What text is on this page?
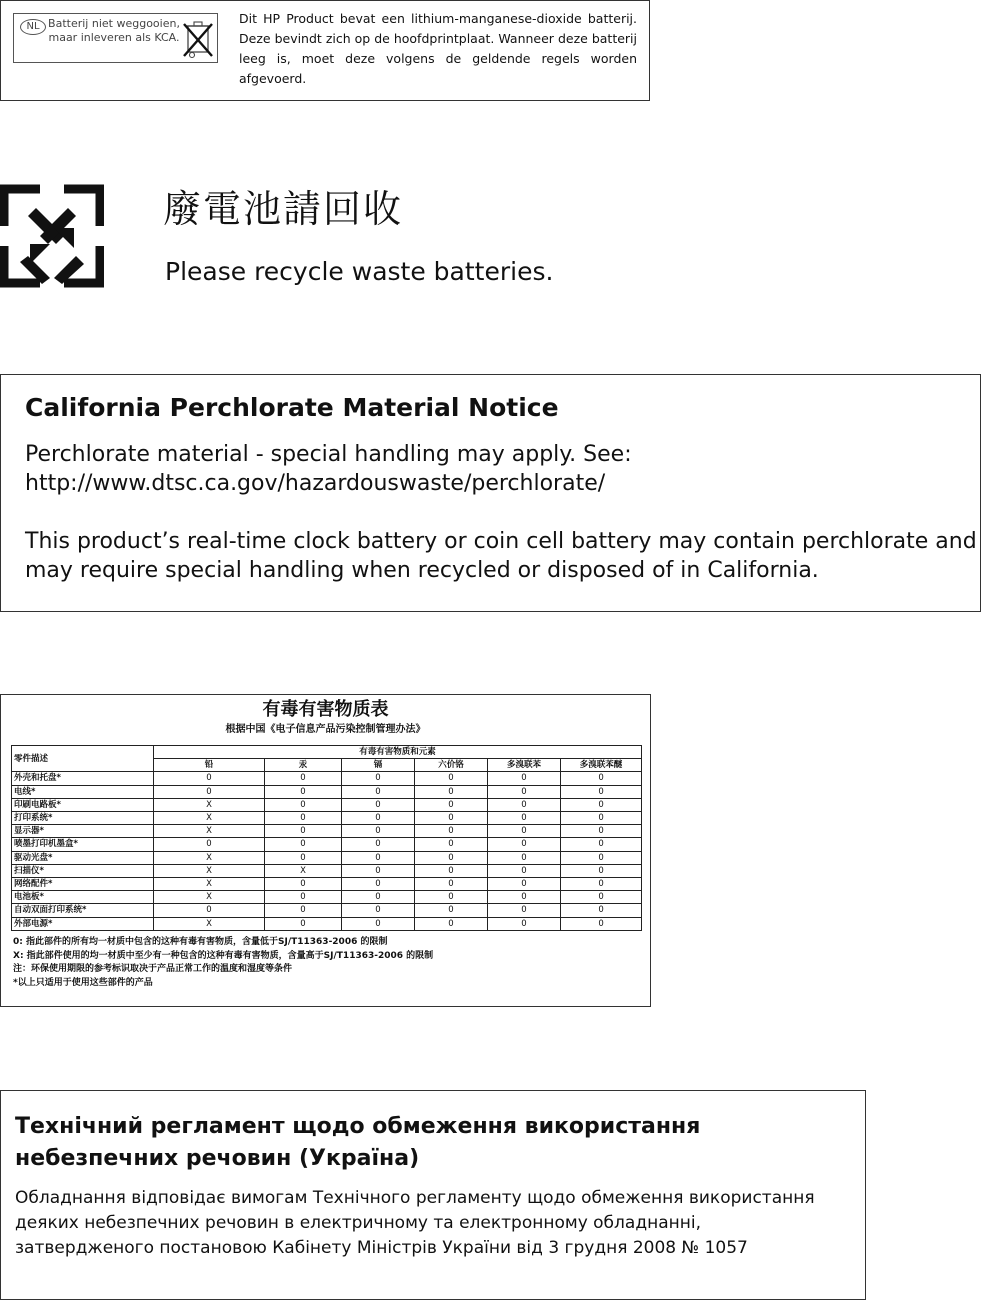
NL Batterij niet weggooien, maar inleveren als KCA.
Dit HP Product bevat een lithium-manganese-dioxide batterij. Deze bevindt zich op de hoofdprintplaat. Wanneer deze batterij leeg is, moet deze volgens de geldende regels worden afgevoerd.
廢電池請回收
Please recycle waste batteries.
California Perchlorate Material Notice
Perchlorate material - special handling may apply. See:
http://www.dtsc.ca.gov/hazardouswaste/perchlorate/
This product’s real-time clock battery or coin cell battery may contain perchlorate and
may require special handling when recycled or disposed of in California.
有毒有害物质表
根据中国《电子信息产品污染控制管理办法》
零件描述	有毒有害物质和元素					
	铅	汞	镉	六价铬	多溴联苯	多溴联苯醚
外壳和托盘*	0	0	0	0	0	0
电线*	0	0	0	0	0	0
印刷电路板*	X	0	0	0	0	0
打印系统*	X	0	0	0	0	0
显示器*	X	0	0	0	0	0
喷墨打印机墨盒*	0	0	0	0	0	0
驱动光盘*	X	0	0	0	0	0
扫描仪*	X	X	0	0	0	0
网络配件*	X	0	0	0	0	0
电池板*	X	0	0	0	0	0
自动双面打印系统*	0	0	0	0	0	0
外部电源*	X	0	0	0	0	0
0: 指此部件的所有均一材质中包含的这种有毒有害物质，含量低于SJ/T11363-2006 的限制
X: 指此部件使用的均一材质中至少有一种包含的这种有毒有害物质，含量高于SJ/T11363-2006 的限制
注：环保使用期限的参考标识取决于产品正常工作的温度和湿度等条件
*以上只适用于使用这些部件的产品
Технічний регламент щодо обмеження використання
небезпечних речовин (Україна)
Обладнання відповідає вимогам Технічного регламенту щодо обмеження використання
деяких небезпечних речовин в електричному та електронному обладнанні,
затвердженого постановою Кабінету Міністрів України від 3 грудня 2008 № 1057
